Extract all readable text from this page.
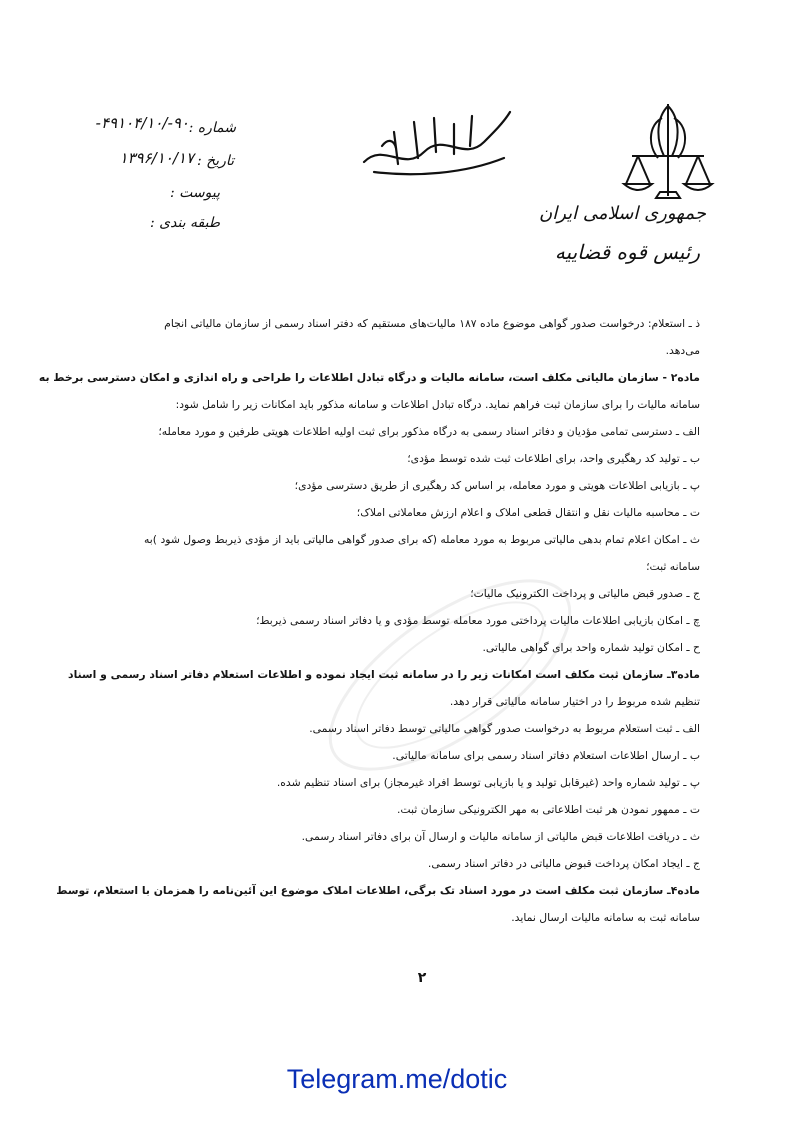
جمهوری اسلامی ایران
رئیس قوه قضاییه
بسم الله الرحمن الرحیم
شماره :
۹۰-/۴۹۱۰۴/۱۰-
تاریخ :
۱۳۹۶/۱۰/۱۷
پیوست :
طبقه بندی :
ذ ـ استعلام: درخواست صدور گواهی موضوع ماده ۱۸۷ مالیات‌های مستقیم که دفتر اسناد رسمی از سازمان مالیاتی انجام
می‌دهد.
ماده۲ - سازمان مالیاتی مکلف است، سامانه مالیات و درگاه تبادل اطلاعات را طراحی و راه اندازی و امکان دسترسی برخط به
سامانه مالیات را برای سازمان ثبت فراهم نماید. درگاه تبادل اطلاعات و سامانه مذکور باید امکانات زیر را شامل شود:
الف ـ دسترسی تمامی مؤدیان و دفاتر اسناد رسمی به درگاه مذکور برای ثبت اولیه اطلاعات هویتی طرفین و مورد معامله؛
ب ـ تولید کد رهگیری واحد، برای اطلاعات ثبت شده توسط مؤدی؛
پ ـ بازیابی اطلاعات هویتی و مورد معامله، بر اساس کد رهگیری از طریق دسترسی مؤدی؛
ت ـ محاسبه مالیات نقل و انتقال قطعی املاک و اعلام ارزش معاملاتی املاک؛
ث ـ امکان اعلام تمام بدهی مالیاتی مربوط به مورد معامله (که برای صدور گواهی مالیاتی باید از مؤدی ذیربط وصول شود )به
سامانه ثبت؛
ج ـ صدور قبض مالیاتی و پرداخت الکترونیک مالیات؛
چ ـ امکان بازیابی اطلاعات مالیات پرداختی مورد معامله توسط مؤدی و یا دفاتر اسناد رسمی ذیربط؛
ح ـ امکان تولید شماره واحد برای گواهی مالیاتی.
ماده۳ـ سازمان ثبت مکلف است امکانات زیر را در سامانه ثبت ایجاد نموده و اطلاعات استعلام دفاتر اسناد رسمی و اسناد
تنظیم شده مربوط را در اختیار سامانه مالیاتی قرار دهد.
الف ـ ثبت استعلام مربوط به درخواست صدور گواهی مالیاتی توسط دفاتر اسناد رسمی.
ب ـ ارسال اطلاعات استعلام دفاتر اسناد رسمی برای سامانه مالیاتی.
پ ـ تولید شماره واحد (غیرقابل تولید و یا بازیابی توسط افراد غیرمجاز) برای اسناد تنظیم شده.
ت ـ ممهور نمودن هر ثبت اطلاعاتی به مهر الکترونیکی سازمان ثبت.
ث ـ دریافت اطلاعات قبض مالیاتی از سامانه مالیات و ارسال آن برای دفاتر اسناد رسمی.
ج ـ ایجاد امکان پرداخت قبوض مالیاتی در دفاتر اسناد رسمی.
ماده۴ـ سازمان ثبت مکلف است در مورد اسناد تک برگی، اطلاعات املاک موضوع این آئین‌نامه را همزمان با استعلام، توسط
سامانه ثبت به سامانه مالیات ارسال نماید.
۲
Telegram.me/dotic
